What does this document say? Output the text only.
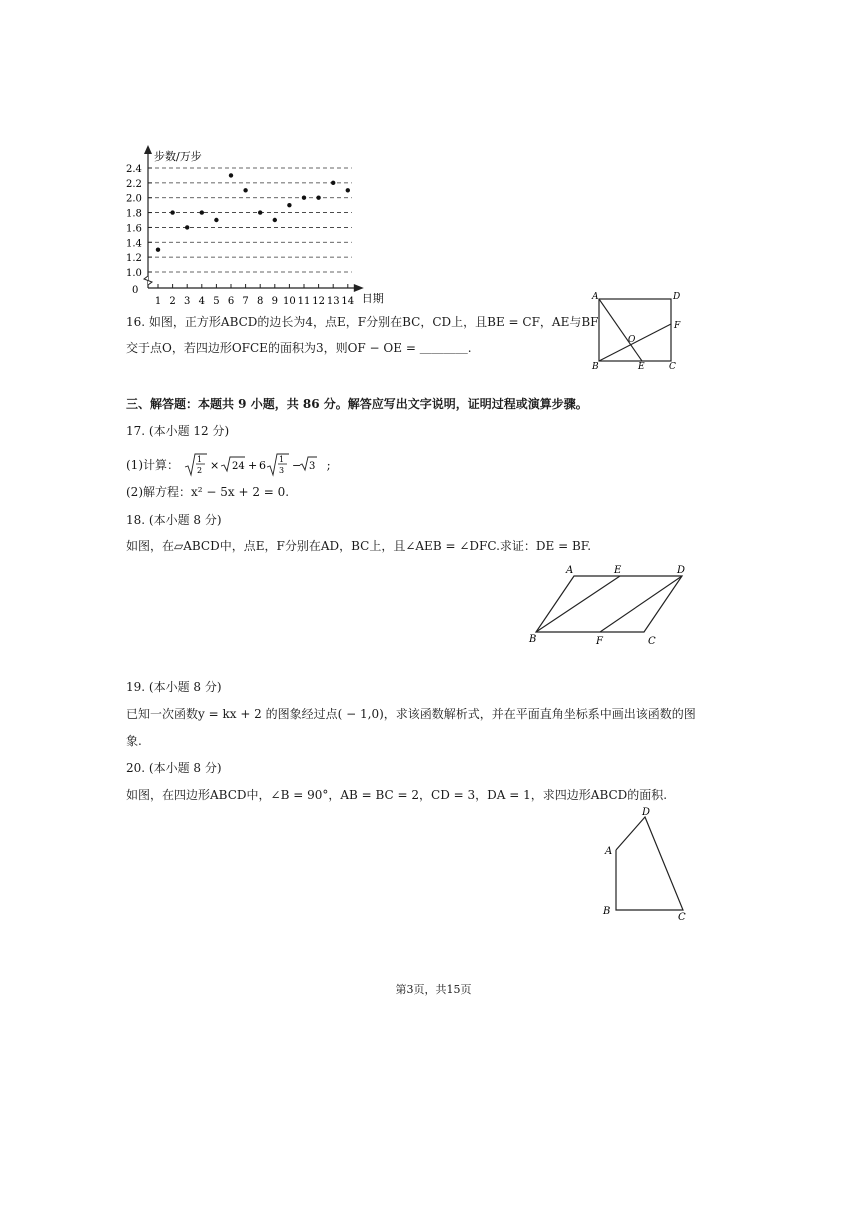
0
1.0
1.2
1.4
1.6
1.8
2.0
2.2
2.4
1 2 3 4 5 6 7 8 9 10 11 12 13 14
步数/万步
日期
16. 如图，正方形ABCD的边长为4，点E，F分别在BC，CD上，且BE = CF，AE与BF
交于点O，若四边形OFCE的面积为3，则OF − OE = ＿＿＿＿.
A	D
F
O
B	E	C
三、解答题：本题共 9 小题，共 86 分。解答应写出文字说明，证明过程或演算步骤。
17. (本小题 12 分)
(1)计算： 1
2 × 24 + 6 1
3 − 3 ;
(2)解方程：x² − 5x + 2 = 0.
18. (本小题 8 分)
如图，在▱ABCD中，点E，F分别在AD，BC上，且∠AEB = ∠DFC.求证：DE = BF.
A	E	D
B	F	C
19. (本小题 8 分)
已知一次函数y = kx + 2 的图象经过点( − 1,0)，求该函数解析式，并在平面直角坐标系中画出该函数的图
象.
20. (本小题 8 分)
如图，在四边形ABCD中，∠B = 90°，AB = BC = 2，CD = 3，DA = 1，求四边形ABCD的面积.
D
A
B
C
第3页，共15页
